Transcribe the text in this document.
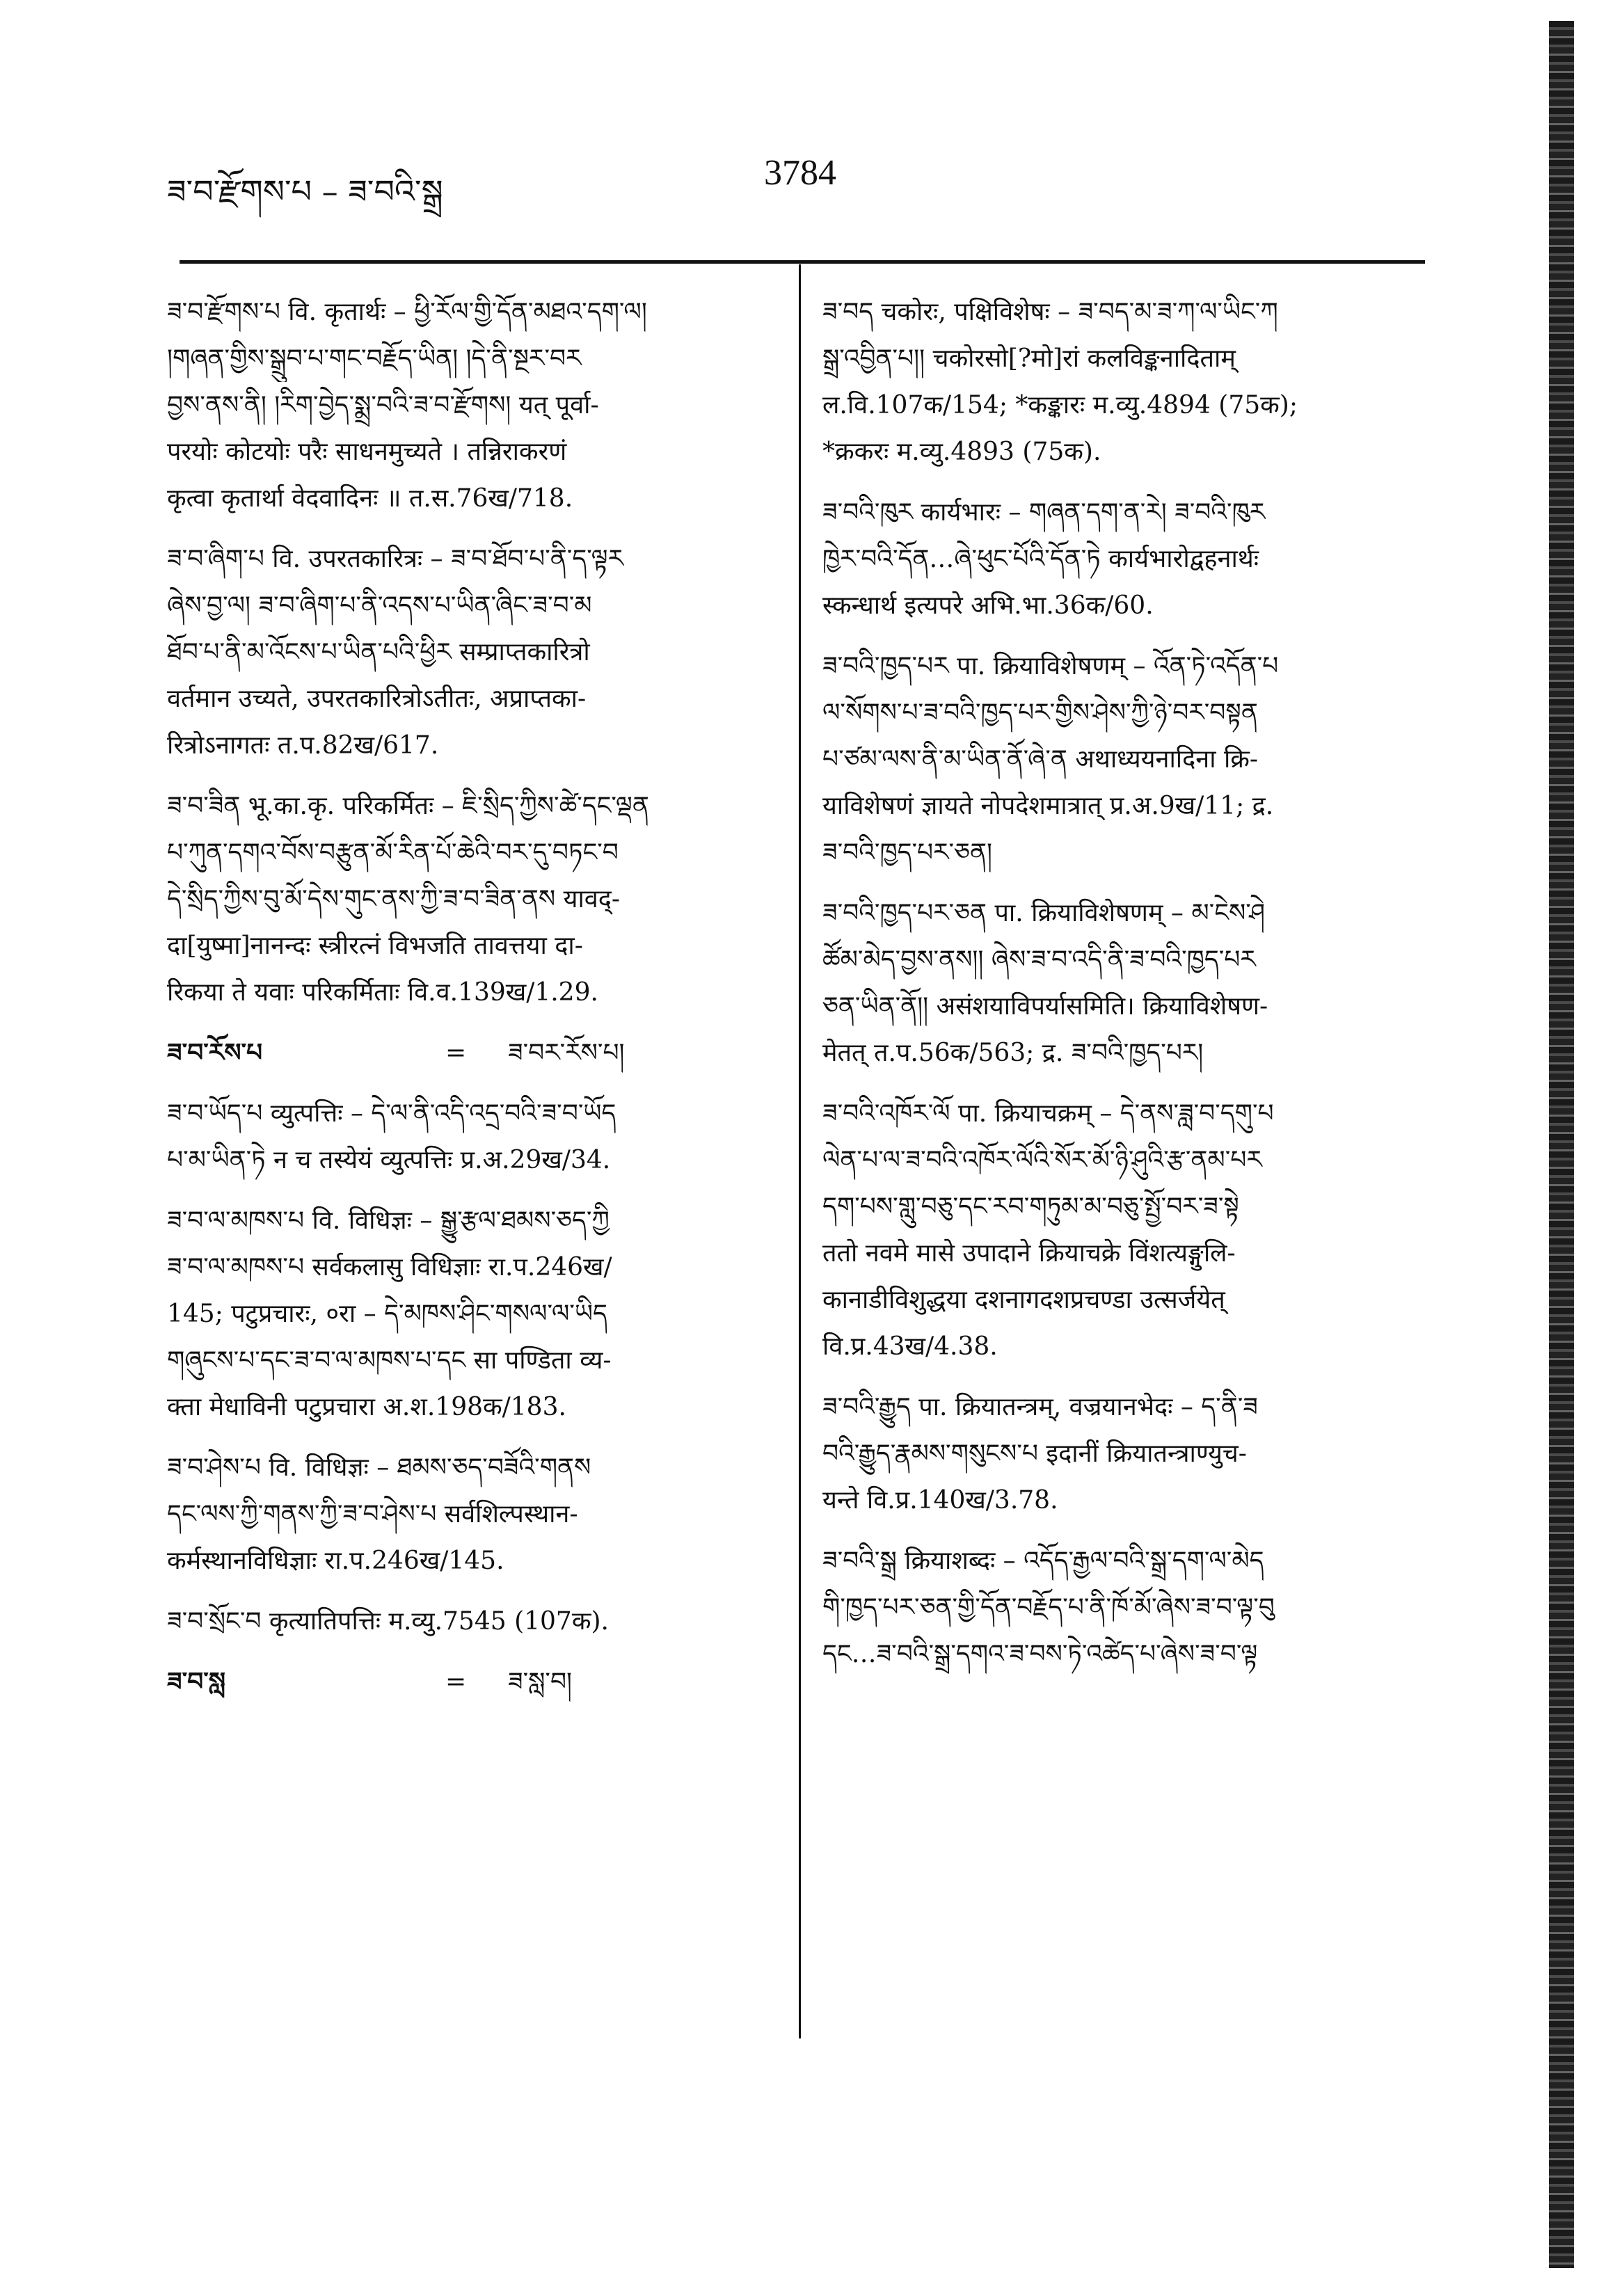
ཟ་བ་རྫོགས་པ – ཟ་བའི་སྒྲ	3784
ཟ་བ་རྫོགས་པ वि. कृतार्थः – ཕྱི་རོལ་གྱི་དོན་མཐའ་དག་ལ།
།གཞན་གྱིས་སྒྲུབ་པ་གང་བརྗོད་ཡིན། །དེ་ནི་སྔར་བར
བྱས་ནས་ནི། །རིག་བྱེད་སྨྲ་བའི་ཟ་བ་རྫོགས། यत् पूर्वा-
परयोः कोटयोः परैः साधनमुच्यते । तन्निराकरणं
कृत्वा कृतार्था वेदवादिनः ॥ त.स.76ख/718.
ཟ་བ་ཞིག་པ वि. उपरतकारित्रः – ཟ་བ་ཐོབ་པ་ནི་ད་ལྟར
ཞེས་བྱ་ལ། ཟ་བ་ཞིག་པ་ནི་འདས་པ་ཡིན་ཞིང་ཟ་བ་མ
ཐོབ་པ་ནི་མ་འོངས་པ་ཡིན་པའི་ཕྱིར सम्प्राप्तकारित्रो
वर्तमान उच्यते, उपरतकारित्रोऽतीतः, अप्राप्तका-
रित्रोऽनागतः त.प.82ख/617.
ཟ་བ་ཟིན भू.का.कृ. परिकर्मितः – ཇི་སྲིད་ཀྱིས་ཚེ་དང་ལྡན
པ་ཀུན་དགའ་བོས་བརྩུན་མོ་རིན་པོ་ཆེའི་བར་དུ་བཏང་བ
དེ་སྲིད་ཀྱིས་བུ་མོ་དེས་གུང་ནས་ཀྱི་ཟ་བ་ཟིན་ནས यावद्-
दा[युष्मा]नानन्दः स्त्रीरत्नं विभजति तावत्तया दा-
रिकया ते यवाः परिकर्मिताः वि.व.139ख/1.29.
ཟ་བ་རོས་པ	=	ཟ་བར་རོས་པ།
ཟ་བ་ཡོད་པ व्युत्पत्तिः – དེ་ལ་ནི་འདི་འདྲ་བའི་ཟ་བ་ཡོད
པ་མ་ཡིན་ཏེ न च तस्येयं व्युत्पत्तिः प्र.अ.29ख/34.
ཟ་བ་ལ་མཁས་པ वि. विधिज्ञः – སྒྱུ་རྩལ་ཐམས་ཅད་ཀྱི
ཟ་བ་ལ་མཁས་པ सर्वकलासु विधिज्ञाः रा.प.246ख/
145; पटुप्रचारः, ०रा – དེ་མཁས་ཤིང་གསལ་ལ་ཡིད
གཞུངས་པ་དང་ཟ་བ་ལ་མཁས་པ་དང सा पण्डिता व्य-
क्ता मेधाविनी पटुप्रचारा अ.श.198क/183.
ཟ་བ་ཤེས་པ वि. विधिज्ञः – ཐམས་ཅད་བཟོའི་གནས
དང་ལས་ཀྱི་གནས་ཀྱི་ཟ་བ་ཤེས་པ सर्वशिल्पस्थान-
कर्मस्थानविधिज्ञाः रा.प.246ख/145.
ཟ་བ་སྲོང་བ कृत्यातिपत्तिः म.व्यु.7545 (107क).
ཟ་བ་སླ	=	ཟ་སླ་བ།
ཟ་བད चकोरः, पक्षिविशेषः – ཟ་བད་མ་ཟ་ཀ་ལ་ཡིང་ཀ
སྒྲ་འབྱིན་པ།། चकोरसो[?मो]रां कलविङ्कनादिताम्
ल.वि.107क/154; *कङ्कारः म.व्यु.4894 (75क);
*क्रकरः म.व्यु.4893 (75क).
ཟ་བའི་ཁུར कार्यभारः – གཞན་དག་ན་རེ། ཟ་བའི་ཁུར
ཁྱེར་བའི་དོན…ཞེ་ཕུང་པོའི་དོན་ཏེ कार्यभारोद्वहनार्थः
स्कन्धार्थ इत्यपरे अभि.भा.36क/60.
ཟ་བའི་ཁྱད་པར पा. क्रियाविशेषणम् – འོན་ཏེ་འདོན་པ
ལ་སོགས་པ་ཟ་བའི་ཁྱད་པར་གྱིས་ཤེས་ཀྱི་ཉེ་བར་བསྟན
པ་ཙམ་ལས་ནི་མ་ཡིན་ནོ་ཞེ་ན अथाध्ययनादिना क्रि-
याविशेषणं ज्ञायते नोपदेशमात्रात् प्र.अ.9ख/11; द्र.
ཟ་བའི་ཁྱད་པར་ཅན།
ཟ་བའི་ཁྱད་པར་ཅན पा. क्रियाविशेषणम् – མ་ངེས་ཤེ
ཚོམ་མེད་བྱས་ནས།། ཞེས་ཟ་བ་འདི་ནི་ཟ་བའི་ཁྱད་པར
ཅན་ཡིན་ནོ།། असंशयाविपर्यासमिति। क्रियाविशेषण-
मेतत् त.प.56क/563; द्र. ཟ་བའི་ཁྱད་པར།
ཟ་བའི་འཁོར་ལོ पा. क्रियाचक्रम् – དེ་ནས་ཟླ་བ་དགུ་པ
ལེན་པ་ལ་ཟ་བའི་འཁོར་ལོའི་སོར་མོ་ཉི་ཤུའི་རྩ་ནམ་པར
དག་པས་གླུ་བཅུ་དང་རབ་གཏུམ་མ་བཅུ་སྤྱོ་བར་ཟ་སྟེ
ततो नवमे मासे उपादाने क्रियाचक्रे विंशत्यङ्गुलि-
कानाडीविशुद्धया दशनागदशप्रचण्डा उत्सर्जयेत्
वि.प्र.43ख/4.38.
ཟ་བའི་རྒྱུད पा. क्रियातन्त्रम्, वज्रयानभेदः – ད་ནི་ཟ
བའི་རྒྱུད་རྣམས་གསུངས་པ इदानीं क्रियातन्त्राण्युच-
यन्ते वि.प्र.140ख/3.78.
ཟ་བའི་སྒྲ क्रियाशब्दः – འདོད་རྒྱལ་བའི་སྒྲ་དག་ལ་མེད
གི་ཁྱད་པར་ཅན་གྱི་དོན་བརྗོད་པ་ནི་ཁོ་མོ་ཞེས་ཟ་བ་ལྟ་བུ
དང…ཟ་བའི་སྒྲ་དགའ་ཟ་བས་ཏེ་འཚེད་པ་ཞེས་ཟ་བ་ལྟ
